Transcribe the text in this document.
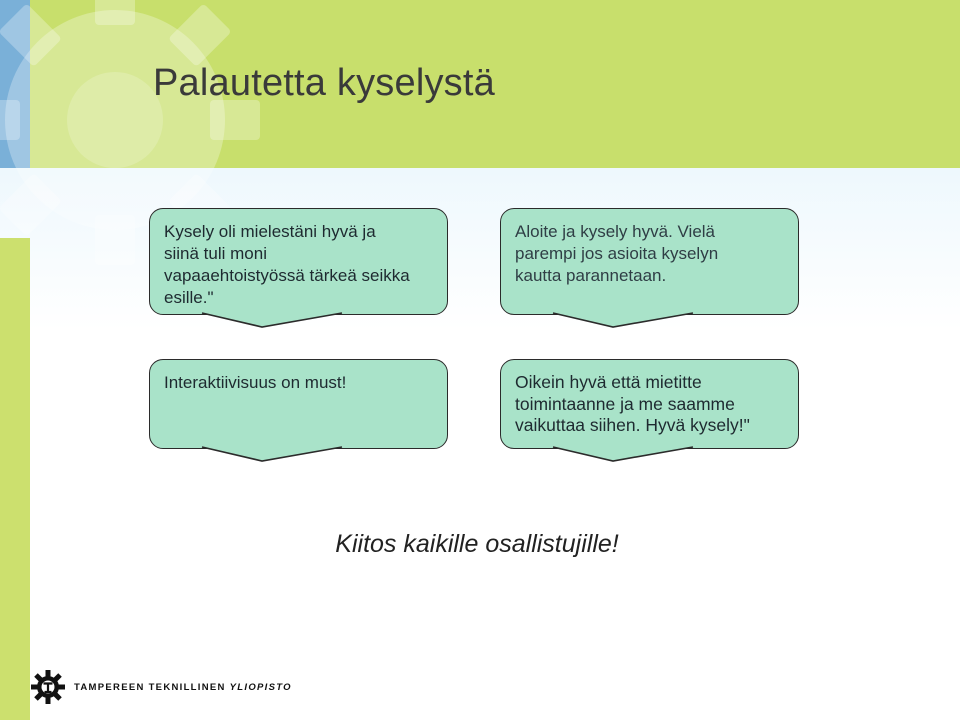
Palautetta kyselystä
Kysely oli mielestäni hyvä ja
siinä tuli moni
vapaaehtoistyössä tärkeä seikka
esille."
Aloite ja kysely hyvä. Vielä
parempi jos asioita kyselyn
kautta parannetaan.
Interaktiivisuus on must!	Oikein hyvä että mietitte
toimintaanne ja me saamme
vaikuttaa siihen. Hyvä kysely!"
Kiitos kaikille osallistujille!
TAMPEREEN TEKNILLINEN YLIOPISTO
